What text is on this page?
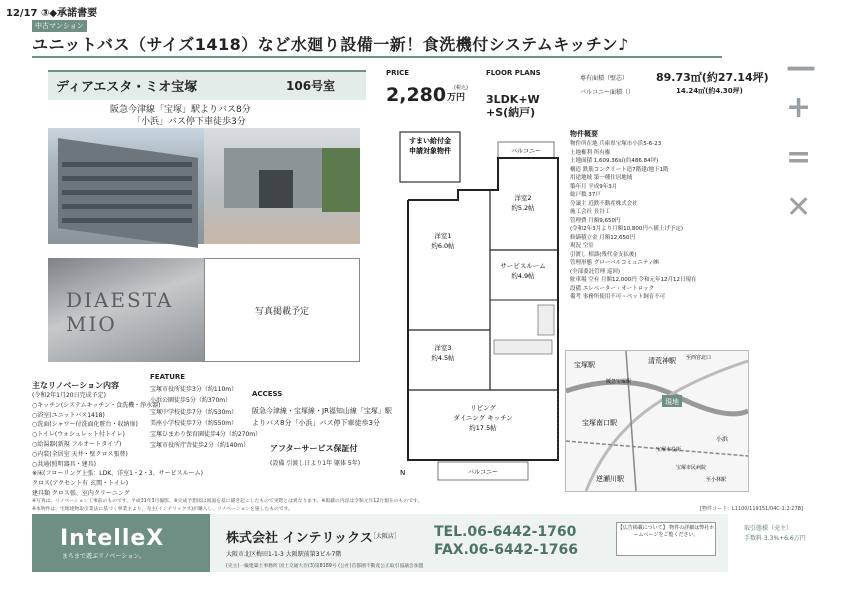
12/17 ③◆承諾書要
中古マンション
ユニットバス（サイズ1418）など水廻り設備一新！食洗機付システムキッチン♪
—
+
=
✕
ディアエスタ・ミオ宝塚	106号室
阪急今津線「宝塚」駅よりバス8分
「小浜」バス停下車徒歩3分
DIAESTA MIO	写真掲載予定
PRICE
2,280 (税込)
万円
FLOOR PLANS
3LDK+W
+S(納戸)
専有面積（壁芯）	89.73㎡(約27.14坪)
バルコニー面積（）	14.24㎡(約4.30坪)
すまい給付金
申請対象物件	バルコニー
洋室2
約5.2帖
洋室1
約6.0帖
サービスルーム
約4.9帖
洋室3
約4.5帖
リビング
ダイニング キッチン
約17.5帖
バルコニー
N
物件概要
物件所在地 兵庫県宝塚市小浜5-6-23
土地権利 所有権
土地面積 1,609.36㎡(約486.84坪)
構造 鉄筋コンクリート造7階建/地下1階
用途地域 第一種住居地域
築年月 平成9年3月
総戸数 37戸
分譲主 近鉄不動産株式会社
施工会社 長谷工
管理費 月額9,650円
(令和2年3月より月額10,800円へ値上げ予定)
修繕積立金 月額12,650円
現況 空室
引渡し 相談(残代金支払後)
管理形態 グローバルコミュニティ㈱
(全部委託管理 巡回)
駐車場 空有 月額12,000円 令和元年12月12日現在
設備 エレベーター・オートロック
備考 事務所使用不可・ペット飼育不可
現地
宝塚駅
阪急宝塚駅
清荒神駅 至西宮北口
宝塚南口駅
逆瀬川駅
小浜
宝塚市役所
至小林駅
宝塚市民病院
主なリノベーション内容
(令和2年1月20日完成予定)
○キッチン(システムキッチン・食洗機・浄水器)
○浴室(ユニットバス1418)
○洗面(シャワー付洗面化粧台・収納扉)
○トイレ(ウォシュレット付トイレ)
○給湯器(新規 フルオートタイプ)
○内装(全居室 天井・壁クロス張替)
○共通(照明器具・建具)
※床(フローリング上張：LDK、洋室1・2・3、サービスルーム)
クロス(アクセント有 玄関・トイレ)
建具類 クロス張、室内クリーニング
FEATURE
宝塚市役所徒歩3分（約110m）
小浜公園徒歩5分（約370m）
宝塚中学校徒歩7分（約530m）
美座小学校徒歩7分（約550m）
宝塚ひまわり保育園徒歩4分（約270m）
宝塚市役所庁舎徒歩2分（約140m）
ACCESS
阪急今津線・宝塚線・JR福知山線「宝塚」駅よりバス8分「小浜」バス停下車徒歩3分
アフターサービス保証付
(設備 引渡し日より1年 躯体 5年)
※写真は、リノベーション工事前のものです。平成31年3月撮影。※完成予想図は図面を基に描き起こしたもので実際とは異なります。※掲載の内容は令和元年12月現在のものです。
※本物件は、宅地建物取引業法に基づく事業主より、売主(インテリックス)が購入し、リノベーションを施したものです。	[物件コード：L1100/119151/04C-1:2:27B]
IntelleX
まちまで遊ぶリノベーション。
株式会社 インテリックス
［大阪店］
大阪市北区梅田1-1-3 大阪駅前第3ビル7階
TEL.06-6442-1760
FAX.06-6442-1766
(売主)一級建築士事務所 国土交通大臣(3)第8189号 (公社)首都圏不動産公正取引協議会加盟
【広告掲載について】 物件の詳細は弊社ホームページをご覧ください。
取引態様（売主）
手数料 3.3%+6.6万円
